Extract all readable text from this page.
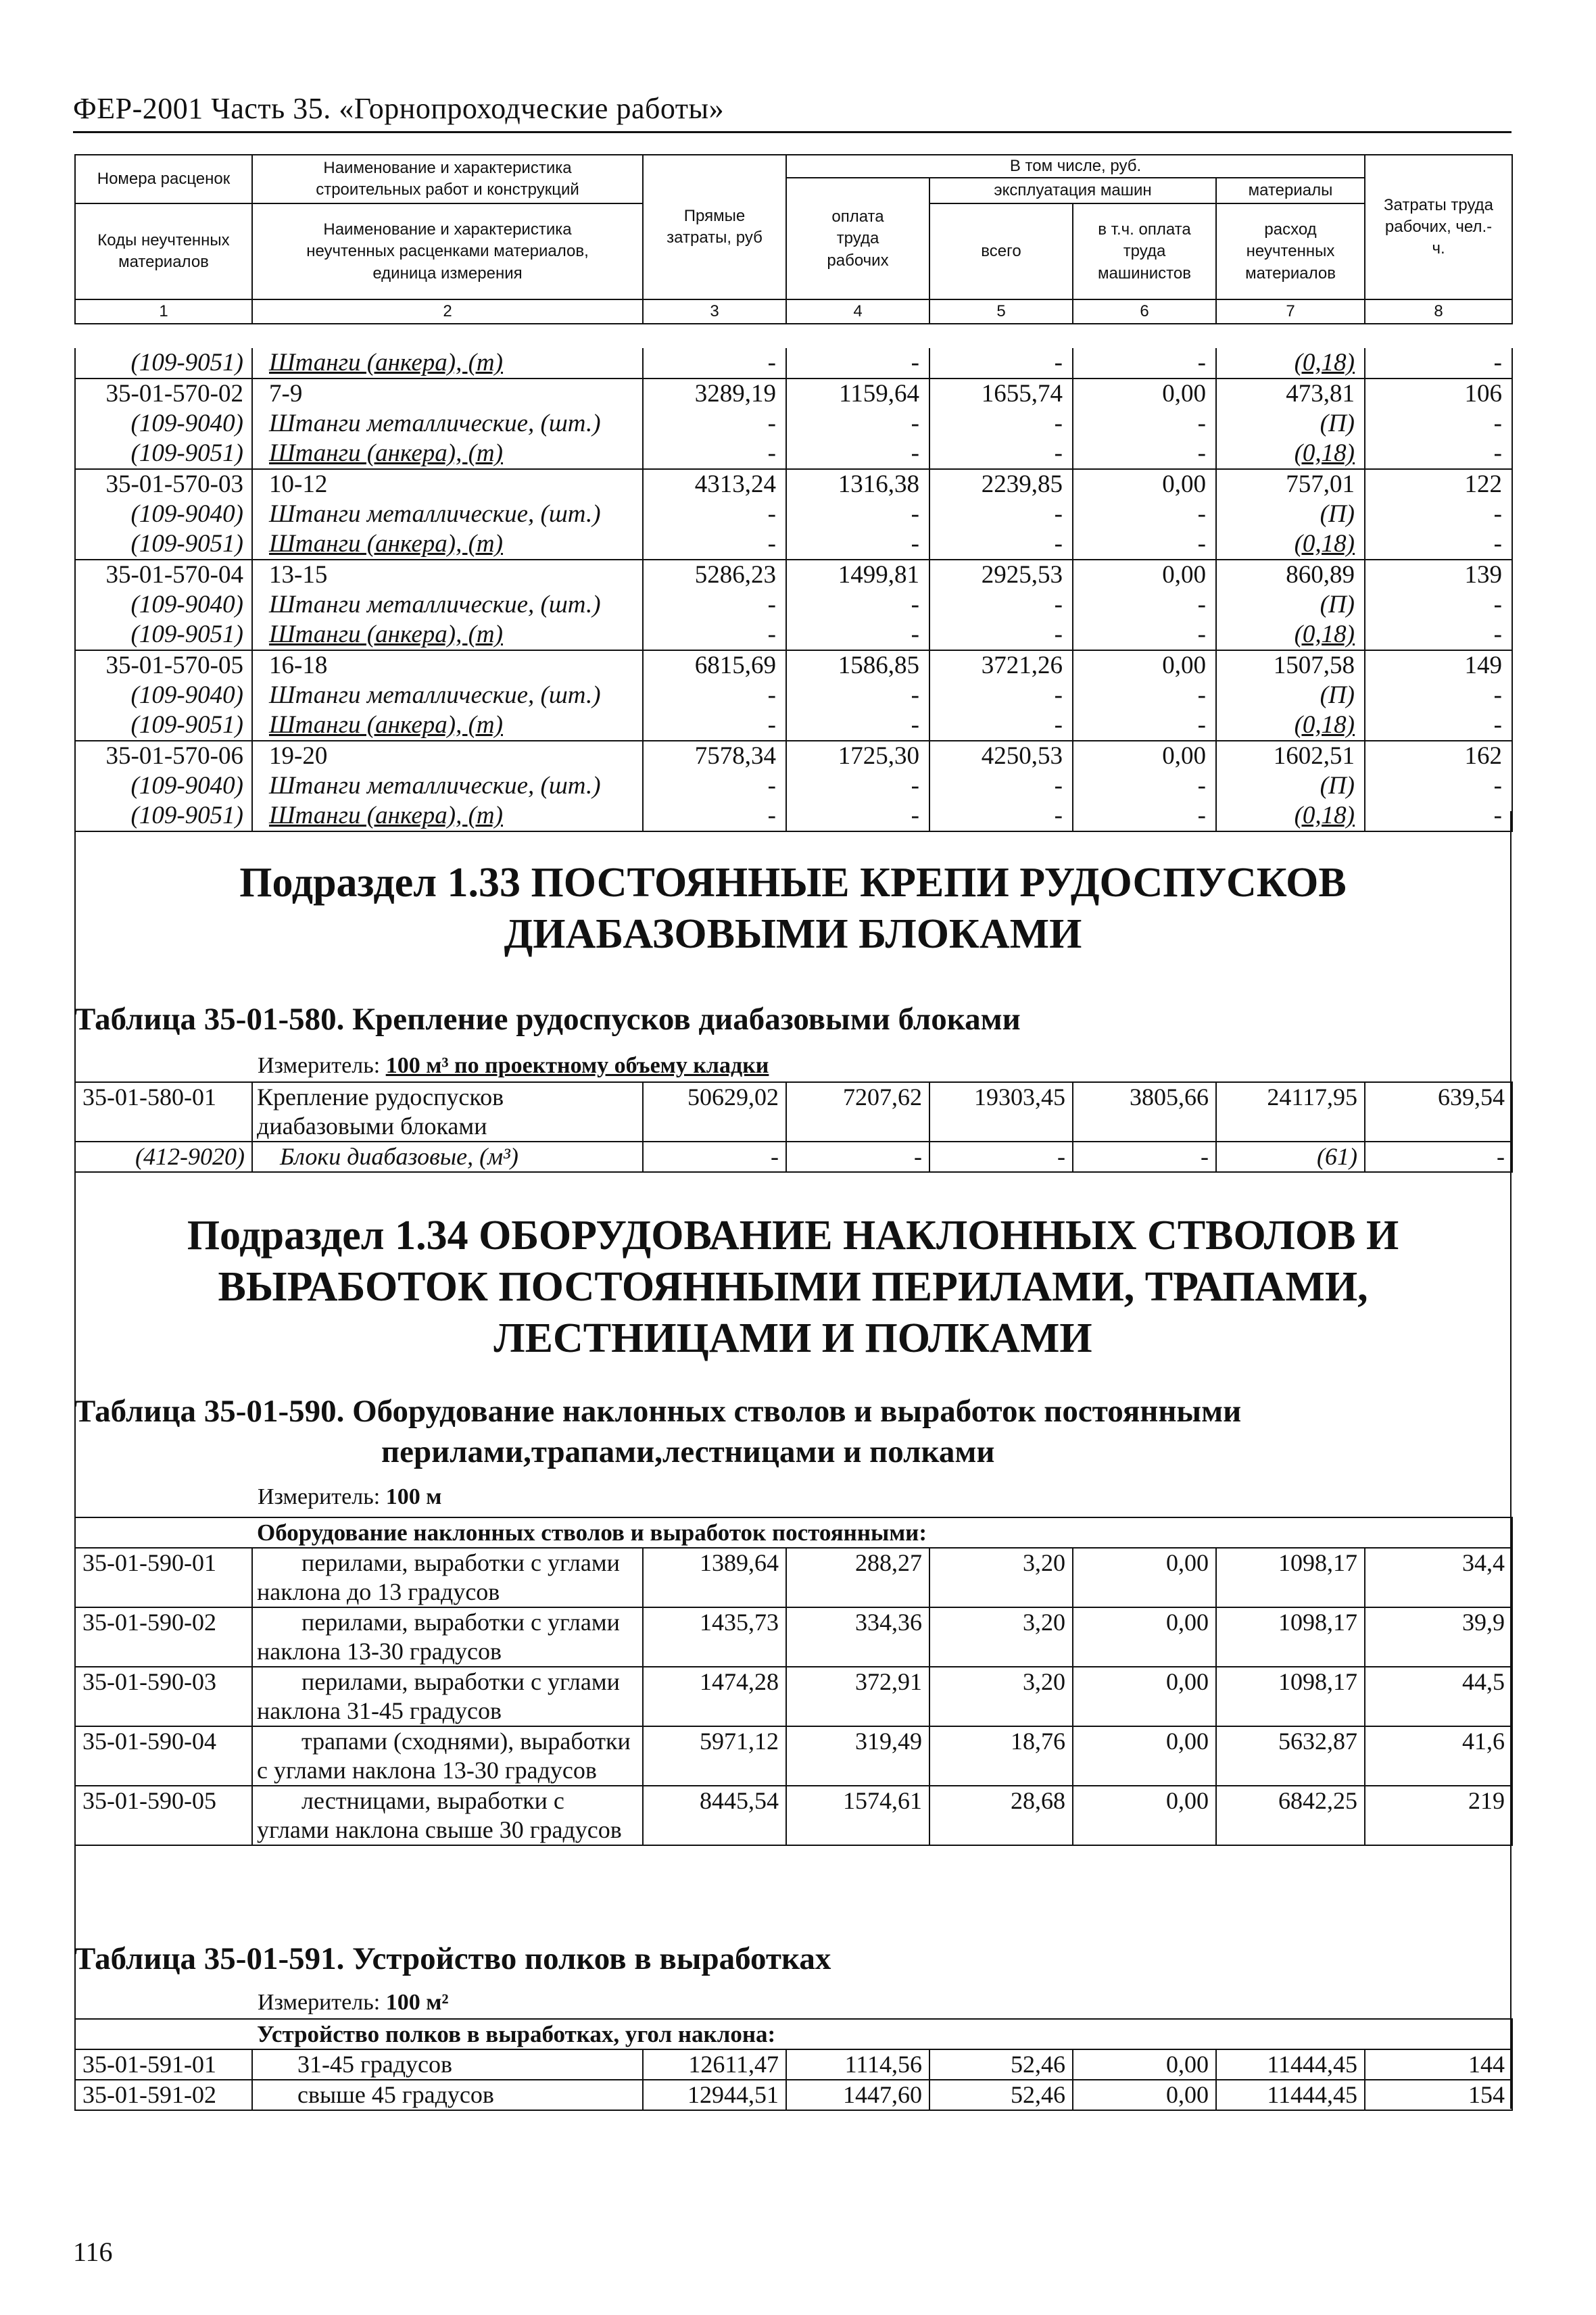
ФЕР-2001 Часть 35. «Горнопроходческие работы»
Номера расценок	Наименование и характеристика строительных работ и конструкций	Прямые затраты, руб	В том числе, руб.				Затраты труда рабочих, чел.-ч.
			оплата труда рабочих	эксплуатация машин		материалы	
Коды неучтенных материалов	Наименование и характеристика неучтенных расценками материалов, единица измерения			всего	в т.ч. оплата труда машинистов	расход неучтенных материалов	

1	2	3	4	5	6	7	8
(109-9051)	Штанги (анкера), (т)	-	-	-	-	(0,18)	-
35-01-570-02	7-9	3289,19	1159,64	1655,74	0,00	473,81	106
(109-9040)	Штанги металлические, (шт.)	-	-	-	-	(П)	-
(109-9051)	Штанги (анкера), (т)	-	-	-	-	(0,18)	-
35-01-570-03	10-12	4313,24	1316,38	2239,85	0,00	757,01	122
(109-9040)	Штанги металлические, (шт.)	-	-	-	-	(П)	-
(109-9051)	Штанги (анкера), (т)	-	-	-	-	(0,18)	-
35-01-570-04	13-15	5286,23	1499,81	2925,53	0,00	860,89	139
(109-9040)	Штанги металлические, (шт.)	-	-	-	-	(П)	-
(109-9051)	Штанги (анкера), (т)	-	-	-	-	(0,18)	-
35-01-570-05	16-18	6815,69	1586,85	3721,26	0,00	1507,58	149
(109-9040)	Штанги металлические, (шт.)	-	-	-	-	(П)	-
(109-9051)	Штанги (анкера), (т)	-	-	-	-	(0,18)	-
35-01-570-06	19-20	7578,34	1725,30	4250,53	0,00	1602,51	162
(109-9040)	Штанги металлические, (шт.)	-	-	-	-	(П)	-
(109-9051)	Штанги (анкера), (т)	-	-	-	-	(0,18)	-
Подраздел 1.33 ПОСТОЯННЫЕ КРЕПИ РУДОСПУСКОВ ДИАБАЗОВЫМИ БЛОКАМИ
Таблица 35-01-580. Крепление рудоспусков диабазовыми блоками
Измеритель: 100 м³ по проектному объему кладки
35-01-580-01	Крепление рудоспусков диабазовыми блоками	50629,02	7207,62	19303,45	3805,66	24117,95	639,54
(412-9020)	Блоки диабазовые, (м³)	-	-	-	-	(61)	-
Подраздел 1.34 ОБОРУДОВАНИЕ НАКЛОННЫХ СТВОЛОВ И ВЫРАБОТОК ПОСТОЯННЫМИ ПЕРИЛАМИ, ТРАПАМИ, ЛЕСТНИЦАМИ И ПОЛКАМИ
Таблица 35-01-590. Оборудование наклонных стволов и выработок постоянными
перилами,трапами,лестницами и полками
Измеритель: 100 м
Оборудование наклонных стволов и выработок постоянными:							
35-01-590-01	перилами, выработки с углами наклона до 13 градусов	1389,64	288,27	3,20	0,00	1098,17	34,4
35-01-590-02	перилами, выработки с углами наклона 13-30 градусов	1435,73	334,36	3,20	0,00	1098,17	39,9
35-01-590-03	перилами, выработки с углами наклона 31-45 градусов	1474,28	372,91	3,20	0,00	1098,17	44,5
35-01-590-04	трапами (сходнями), выработки с углами наклона 13-30 градусов	5971,12	319,49	18,76	0,00	5632,87	41,6
35-01-590-05	лестницами, выработки с углами наклона свыше 30 градусов	8445,54	1574,61	28,68	0,00	6842,25	219
Таблица 35-01-591. Устройство полков в выработках
Измеритель: 100 м²
Устройство полков в выработках, угол наклона:							
35-01-591-01	31-45 градусов	12611,47	1114,56	52,46	0,00	11444,45	144
35-01-591-02	свыше 45 градусов	12944,51	1447,60	52,46	0,00	11444,45	154
116
